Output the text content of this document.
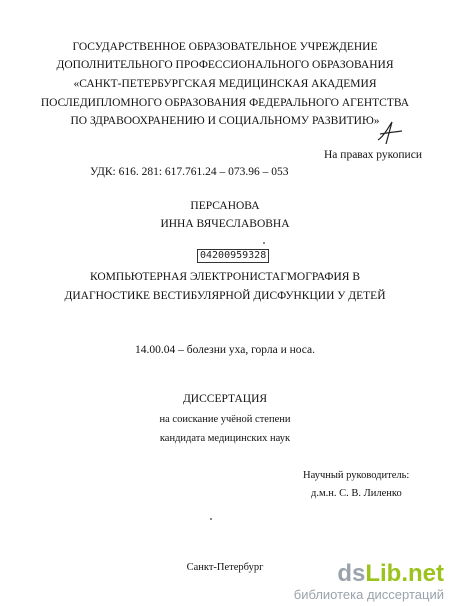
ГОСУДАРСТВЕННОЕ ОБРАЗОВАТЕЛЬНОЕ УЧРЕЖДЕНИЕ
ДОПОЛНИТЕЛЬНОГО ПРОФЕССИОНАЛЬНОГО ОБРАЗОВАНИЯ
«САНКТ-ПЕТЕРБУРГСКАЯ МЕДИЦИНСКАЯ АКАДЕМИЯ
ПОСЛЕДИПЛОМНОГО ОБРАЗОВАНИЯ ФЕДЕРАЛЬНОГО АГЕНТСТВА
ПО ЗДРАВООХРАНЕНИЮ И СОЦИАЛЬНОМУ РАЗВИТИЮ»
На правах рукописи
УДК: 616. 281: 617.761.24 – 073.96 – 053
ПЕРСАНОВА
ИННА ВЯЧЕСЛАВОВНА
04200959328
КОМПЬЮТЕРНАЯ ЭЛЕКТРОНИСТАГМОГРАФИЯ В
ДИАГНОСТИКЕ ВЕСТИБУЛЯРНОЙ ДИСФУНКЦИИ У ДЕТЕЙ
14.00.04 – болезни уха, горла и носа.
ДИССЕРТАЦИЯ
на соискание учёной степени
кандидата медицинских наук
Научный руководитель:
д.м.н. С. В. Лиленко
Санкт-Петербург	dsLib.net
библиотека диссертаций
